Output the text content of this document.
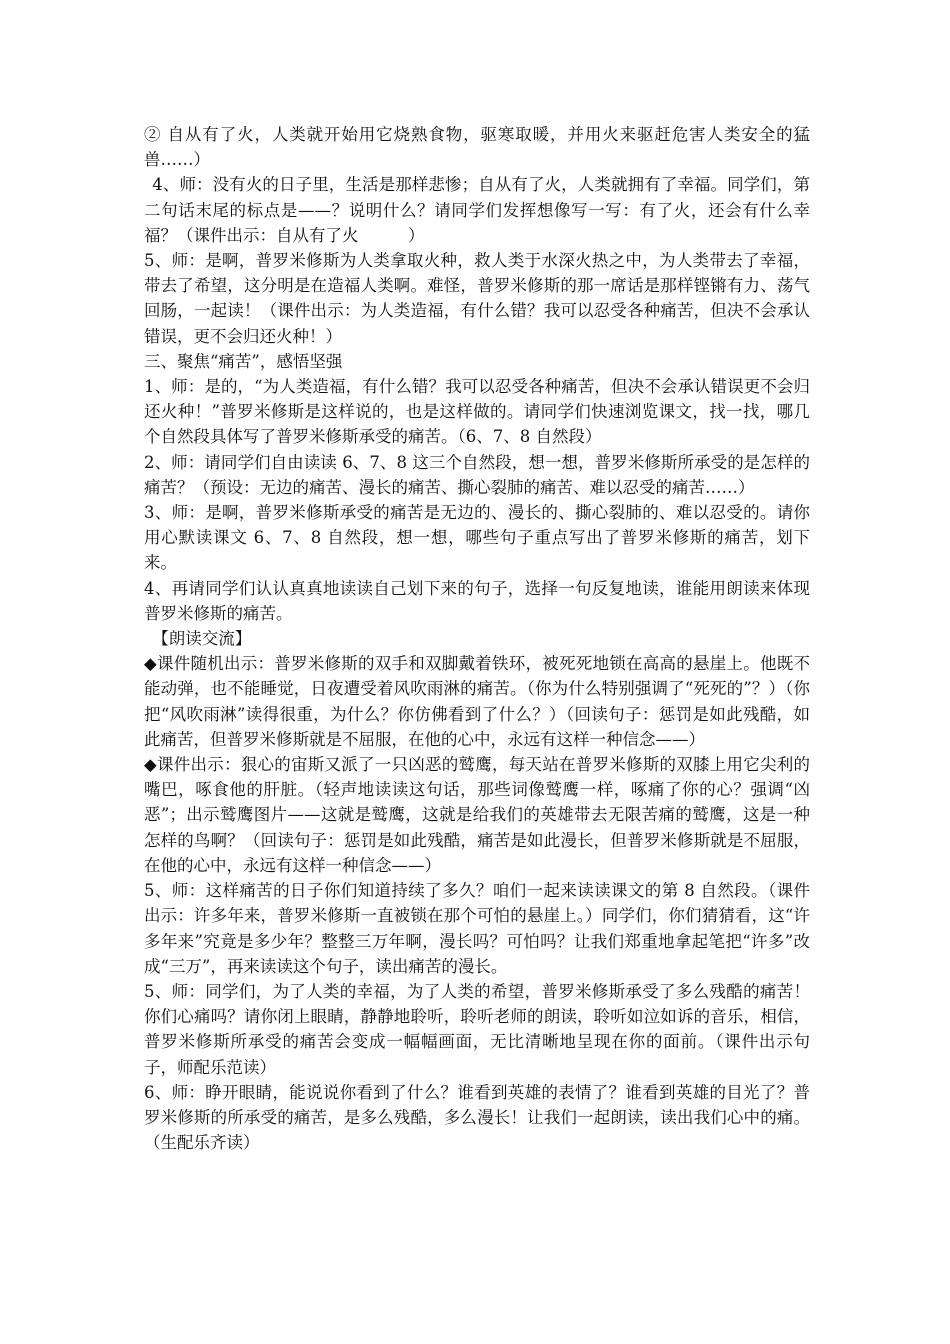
② 自从有了火，人类就开始用它烧熟食物，驱寒取暖，并用火来驱赶危害人类安全的猛兽……）

4、师：没有火的日子里，生活是那样悲惨；自从有了火，人类就拥有了幸福。同学们，第二句话末尾的标点是——？说明什么？请同学们发挥想像写一写：有了火，还会有什么幸福？（课件出示：自从有了火　　　）

5、师：是啊，普罗米修斯为人类拿取火种，救人类于水深火热之中，为人类带去了幸福，带去了希望，这分明是在造福人类啊。难怪，普罗米修斯的那一席话是那样铿锵有力、荡气回肠，一起读！（课件出示：为人类造福，有什么错？我可以忍受各种痛苦，但决不会承认错误，更不会归还火种！）

三、聚焦“痛苦”，感悟坚强

1、师：是的，“为人类造福，有什么错？我可以忍受各种痛苦，但决不会承认错误更不会归还火种！”普罗米修斯是这样说的，也是这样做的。请同学们快速浏览课文，找一找，哪几个自然段具体写了普罗米修斯承受的痛苦。（6、7、8 自然段）

2、师：请同学们自由读读 6、7、8 这三个自然段，想一想，普罗米修斯所承受的是怎样的痛苦？（预设：无边的痛苦、漫长的痛苦、撕心裂肺的痛苦、难以忍受的痛苦……）

3、师：是啊，普罗米修斯承受的痛苦是无边的、漫长的、撕心裂肺的、难以忍受的。请你用心默读课文 6、7、8 自然段，想一想，哪些句子重点写出了普罗米修斯的痛苦，划下来。

4、再请同学们认认真真地读读自己划下来的句子，选择一句反复地读，谁能用朗读来体现普罗米修斯的痛苦。

【朗读交流】

◆课件随机出示：普罗米修斯的双手和双脚戴着铁环，被死死地锁在高高的悬崖上。他既不能动弹，也不能睡觉，日夜遭受着风吹雨淋的痛苦。（你为什么特别强调了“死死的”？）（你把“风吹雨淋”读得很重，为什么？你仿佛看到了什么？）（回读句子：惩罚是如此残酷，如此痛苦，但普罗米修斯就是不屈服，在他的心中，永远有这样一种信念——）

◆课件出示：狠心的宙斯又派了一只凶恶的鹫鹰，每天站在普罗米修斯的双膝上用它尖利的嘴巴，啄食他的肝脏。（轻声地读读这句话，那些词像鹫鹰一样，啄痛了你的心？强调“凶恶”；出示鹫鹰图片——这就是鹫鹰，这就是给我们的英雄带去无限苦痛的鹫鹰，这是一种怎样的鸟啊？（回读句子：惩罚是如此残酷，痛苦是如此漫长，但普罗米修斯就是不屈服，在他的心中，永远有这样一种信念——）

5、师：这样痛苦的日子你们知道持续了多久？咱们一起来读读课文的第 8 自然段。（课件出示：许多年来，普罗米修斯一直被锁在那个可怕的悬崖上。）同学们，你们猜猜看，这“许多年来”究竟是多少年？整整三万年啊，漫长吗？可怕吗？让我们郑重地拿起笔把“许多”改成“三万”，再来读读这个句子，读出痛苦的漫长。

5、师：同学们，为了人类的幸福，为了人类的希望，普罗米修斯承受了多么残酷的痛苦！你们心痛吗？请你闭上眼睛，静静地聆听，聆听老师的朗读，聆听如泣如诉的音乐，相信，普罗米修斯所承受的痛苦会变成一幅幅画面，无比清晰地呈现在你的面前。（课件出示句子，师配乐范读）

6、师：睁开眼睛，能说说你看到了什么？谁看到英雄的表情了？谁看到英雄的目光了？普罗米修斯的所承受的痛苦，是多么残酷，多么漫长！让我们一起朗读，读出我们心中的痛。（生配乐齐读）
